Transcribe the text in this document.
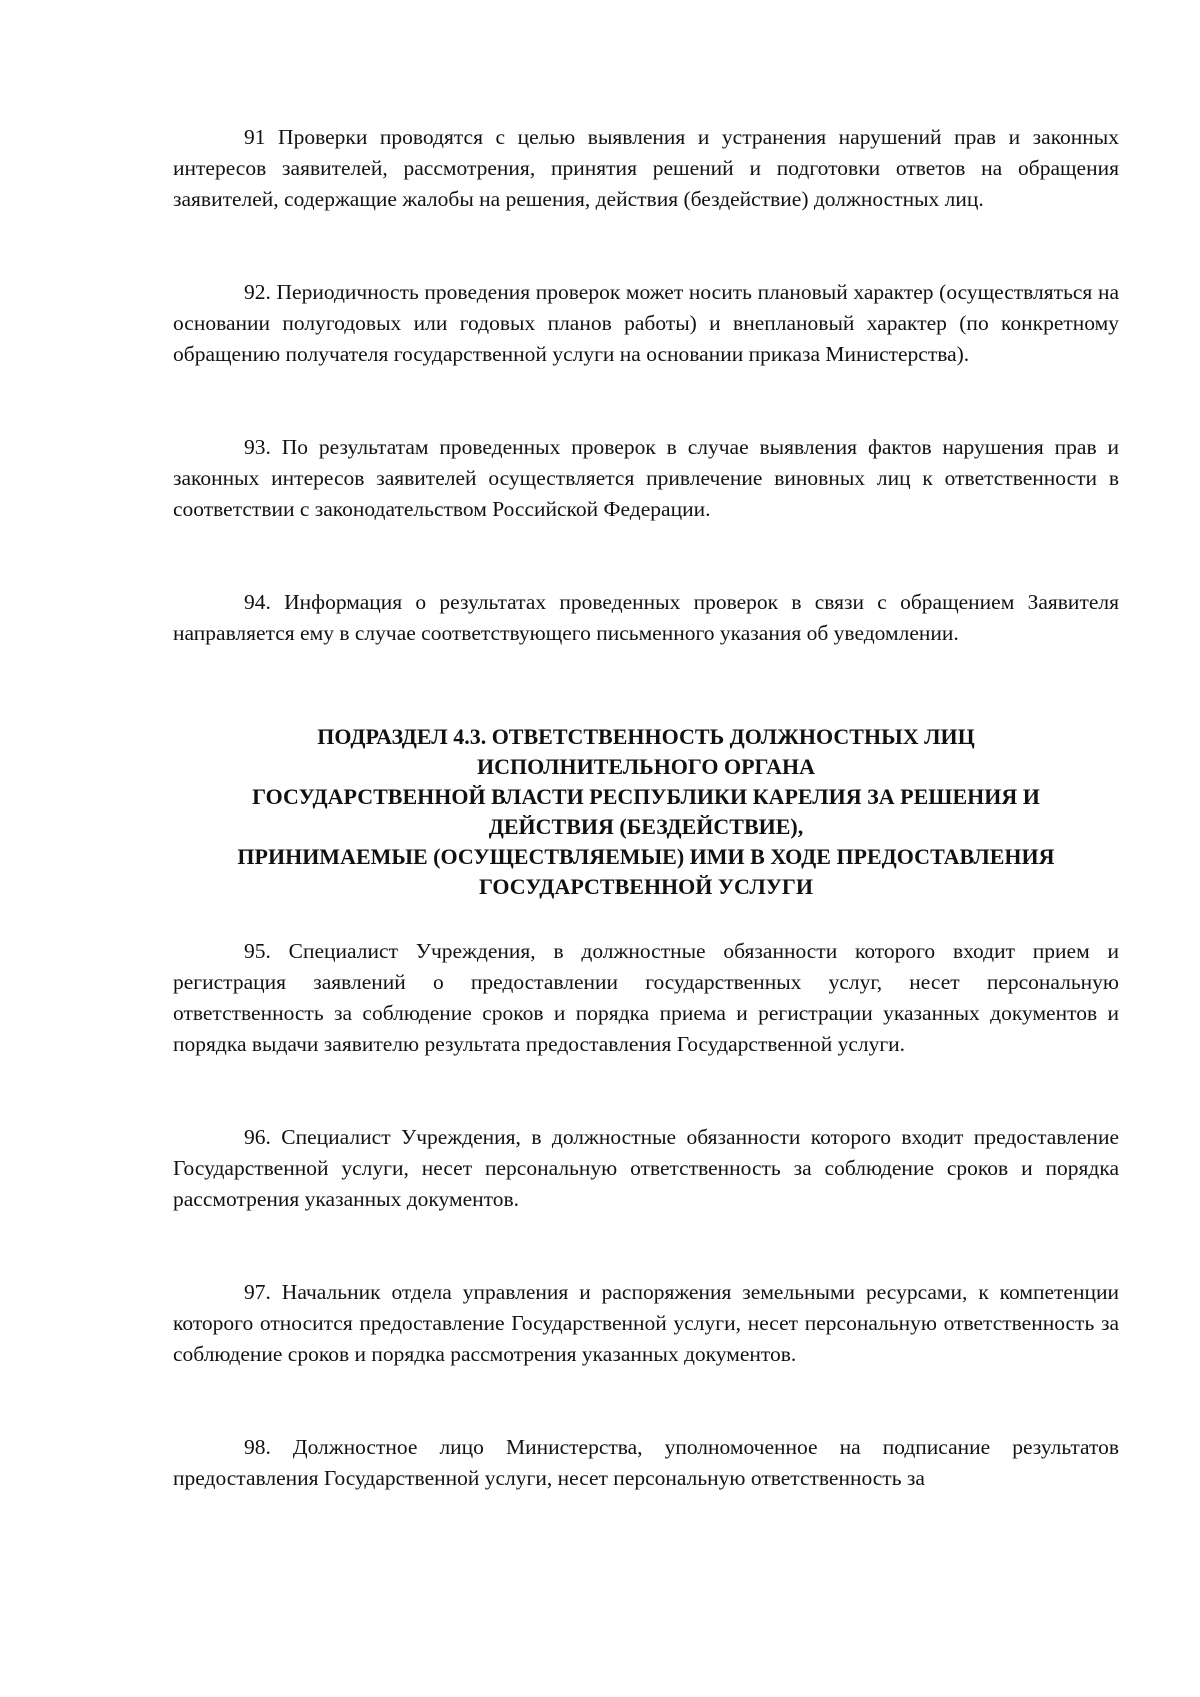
91 Проверки проводятся с целью выявления и устранения нарушений прав и законных интересов заявителей, рассмотрения, принятия решений и подготовки ответов на обращения заявителей, содержащие жалобы на решения, действия (бездействие) должностных лиц.

92. Периодичность проведения проверок может носить плановый характер (осуществляться на основании полугодовых или годовых планов работы) и внеплановый характер (по конкретному обращению получателя государственной услуги на основании приказа Министерства).

93. По результатам проведенных проверок в случае выявления фактов нарушения прав и законных интересов заявителей осуществляется привлечение виновных лиц к ответственности в соответствии с законодательством Российской Федерации.

94. Информация о результатах проведенных проверок в связи с обращением Заявителя направляется ему в случае соответствующего письменного указания об уведомлении.

ПОДРАЗДЕЛ 4.3. ОТВЕТСТВЕННОСТЬ ДОЛЖНОСТНЫХ ЛИЦ
ИСПОЛНИТЕЛЬНОГО ОРГАНА
ГОСУДАРСТВЕННОЙ ВЛАСТИ РЕСПУБЛИКИ КАРЕЛИЯ ЗА РЕШЕНИЯ И
ДЕЙСТВИЯ (БЕЗДЕЙСТВИЕ),
ПРИНИМАЕМЫЕ (ОСУЩЕСТВЛЯЕМЫЕ) ИМИ В ХОДЕ ПРЕДОСТАВЛЕНИЯ
ГОСУДАРСТВЕННОЙ УСЛУГИ

95. Специалист Учреждения, в должностные обязанности которого входит прием и регистрация заявлений о предоставлении государственных услуг, несет персональную ответственность за соблюдение сроков и порядка приема и регистрации указанных документов и порядка выдачи заявителю результата предоставления Государственной услуги.

96. Специалист Учреждения, в должностные обязанности которого входит предоставление Государственной услуги, несет персональную ответственность за соблюдение сроков и порядка рассмотрения указанных документов.

97. Начальник отдела управления и распоряжения земельными ресурсами, к компетенции которого относится предоставление Государственной услуги, несет персональную ответственность за соблюдение сроков и порядка рассмотрения указанных документов.

98. Должностное лицо Министерства, уполномоченное на подписание результатов предоставления Государственной услуги, несет персональную ответственность за
